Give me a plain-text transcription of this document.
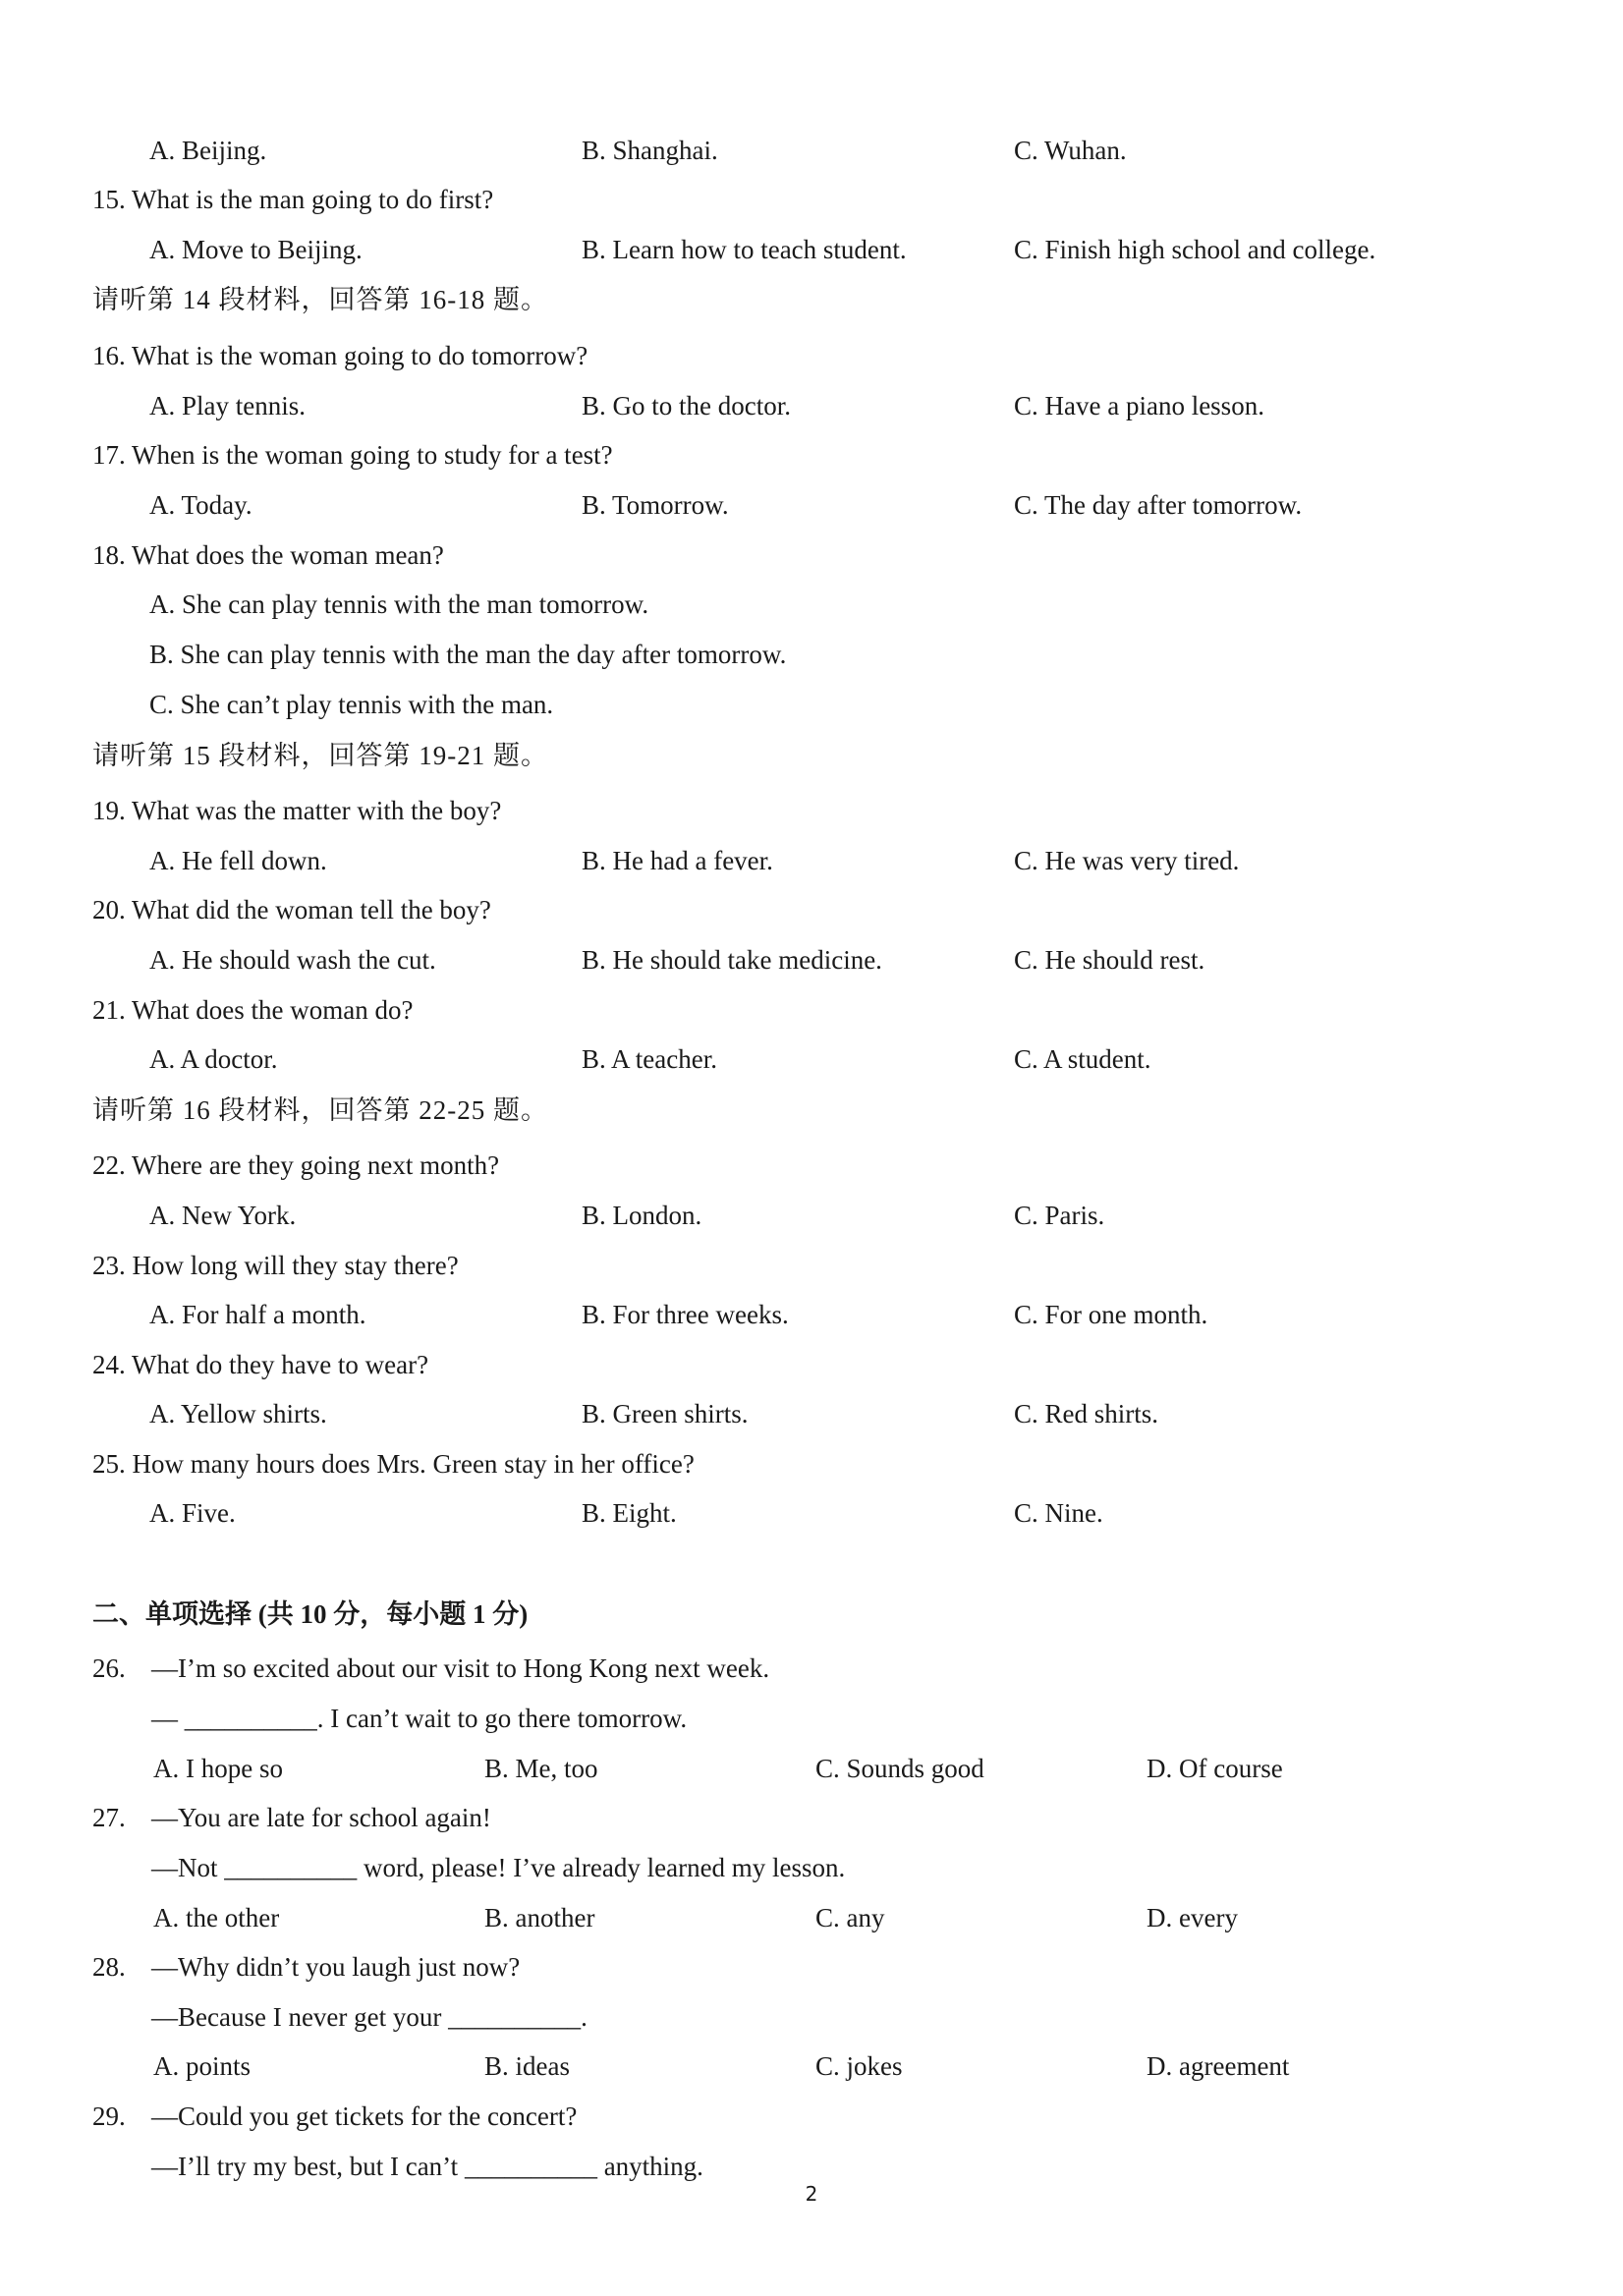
A. Beijing.	B. Shanghai.	C. Wuhan.
15. What is the man going to do first?
A. Move to Beijing.	B. Learn how to teach student.	C. Finish high school and college.
请听第 14 段材料，回答第 16-18 题。
16. What is the woman going to do tomorrow?
A. Play tennis.	B. Go to the doctor.	C. Have a piano lesson.
17. When is the woman going to study for a test?
A. Today.	B. Tomorrow.	C. The day after tomorrow.
18. What does the woman mean?
A. She can play tennis with the man tomorrow.
B. She can play tennis with the man the day after tomorrow.
C. She can’t play tennis with the man.
请听第 15 段材料，回答第 19-21 题。
19. What was the matter with the boy?
A. He fell down.	B. He had a fever.	C. He was very tired.
20. What did the woman tell the boy?
A. He should wash the cut.	B. He should take medicine.	C. He should rest.
21. What does the woman do?
A. A doctor.	B. A teacher.	C. A student.
请听第 16 段材料，回答第 22-25 题。
22. Where are they going next month?
A. New York.	B. London.	C. Paris.
23. How long will they stay there?
A. For half a month.	B. For three weeks.	C. For one month.
24. What do they have to wear?
A. Yellow shirts.	B. Green shirts.	C. Red shirts.
25. How many hours does Mrs. Green stay in her office?
A. Five.	B. Eight.	C. Nine.
二、单项选择 (共 10 分，每小题 1 分)
26. —I’m so excited about our visit to Hong Kong next week.
— __________. I can’t wait to go there tomorrow.
A. I hope so	B. Me, too	C. Sounds good	D. Of course
27. —You are late for school again!
—Not __________ word, please! I’ve already learned my lesson.
A. the other	B. another	C. any	D. every
28. —Why didn’t you laugh just now?
—Because I never get your __________.
A. points	B. ideas	C. jokes	D. agreement
29. —Could you get tickets for the concert?
—I’ll try my best, but I can’t __________ anything.
2
